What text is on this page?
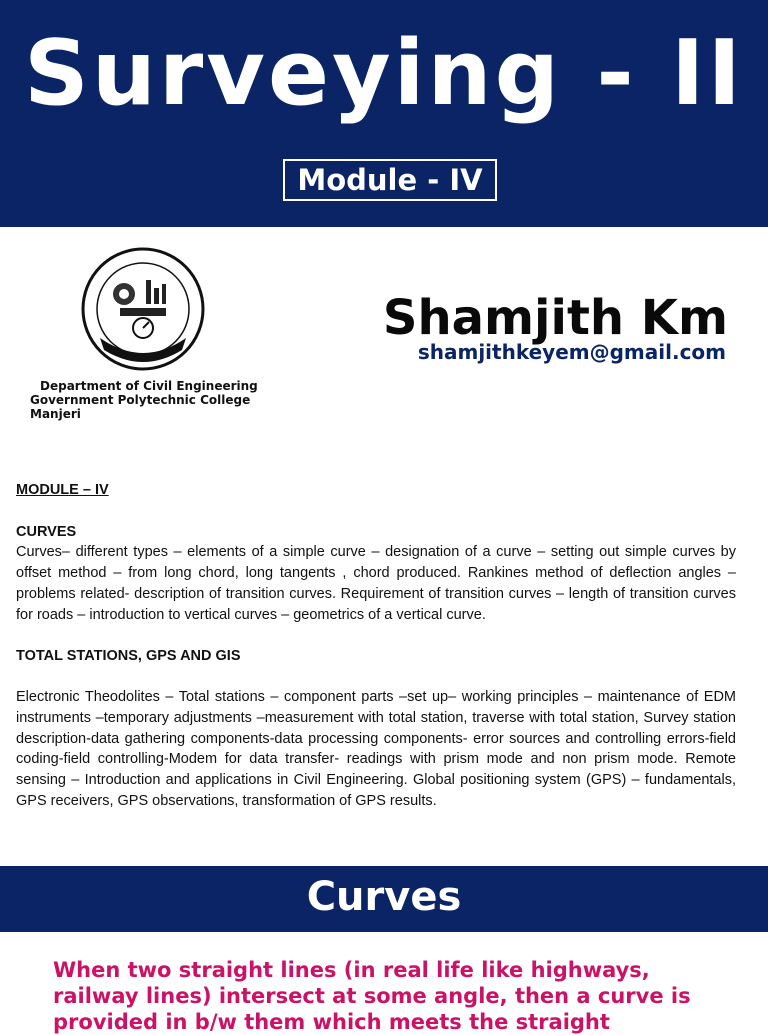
Surveying - II
Module - IV
Department of Civil Engineering
Government Polytechnic College
Manjeri
Shamjith Km
shamjithkeyem@gmail.com
MODULE – IV
CURVES

Curves– different types – elements of a simple curve – designation of a curve – setting out simple curves by offset method – from long chord, long tangents , chord produced. Rankines method of deflection angles – problems related- description of transition curves. Requirement of transition curves – length of transition curves for roads – introduction to vertical curves – geometrics of a vertical curve.

TOTAL STATIONS, GPS AND GIS

Electronic Theodolites – Total stations – component parts –set up– working principles – maintenance of EDM instruments –temporary adjustments –measurement with total station, traverse with total station, Survey station description-data gathering components-data processing components- error sources and controlling errors-field coding-field controlling-Modem for data transfer- readings with prism mode and non prism mode. Remote sensing – Introduction and applications in Civil Engineering. Global positioning system (GPS) – fundamentals, GPS receivers, GPS observations, transformation of GPS results.

Curves
When two straight lines (in real life like highways, railway lines) intersect at some angle, then a curve is provided in b/w them which meets the straight
